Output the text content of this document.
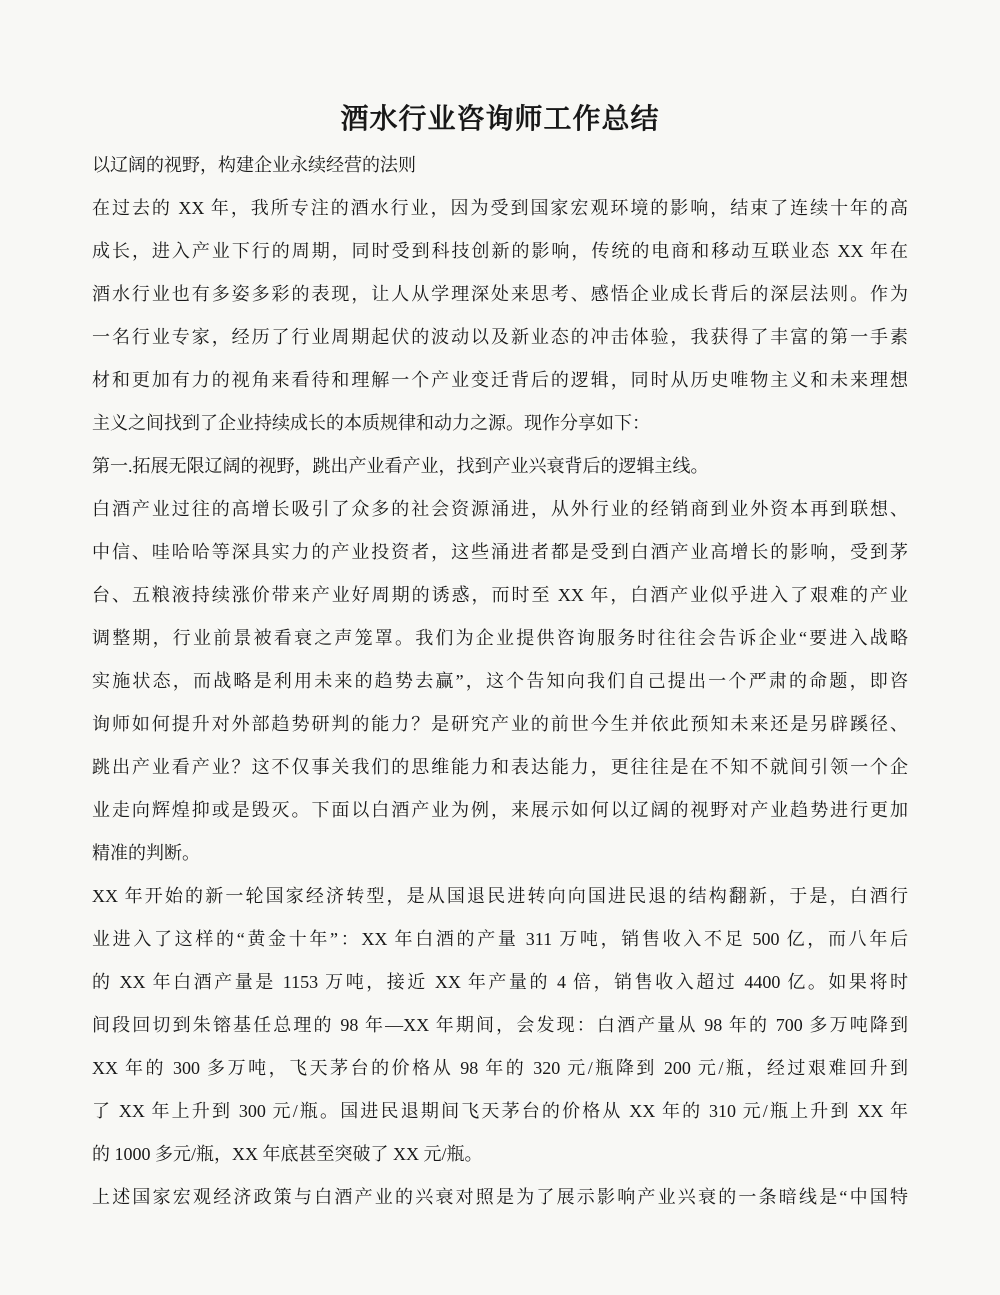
酒水行业咨询师工作总结

以辽阔的视野，构建企业永续经营的法则

在过去的 XX 年，我所专注的酒水行业，因为受到国家宏观环境的影响，结束了连续十年的高
成长，进入产业下行的周期，同时受到科技创新的影响，传统的电商和移动互联业态 XX 年在
酒水行业也有多姿多彩的表现，让人从学理深处来思考、感悟企业成长背后的深层法则。作为
一名行业专家，经历了行业周期起伏的波动以及新业态的冲击体验，我获得了丰富的第一手素
材和更加有力的视角来看待和理解一个产业变迁背后的逻辑，同时从历史唯物主义和未来理想
主义之间找到了企业持续成长的本质规律和动力之源。现作分享如下：
第一.拓展无限辽阔的视野，跳出产业看产业，找到产业兴衰背后的逻辑主线。
白酒产业过往的高增长吸引了众多的社会资源涌进，从外行业的经销商到业外资本再到联想、
中信、哇哈哈等深具实力的产业投资者，这些涌进者都是受到白酒产业高增长的影响，受到茅
台、五粮液持续涨价带来产业好周期的诱惑，而时至 XX 年，白酒产业似乎进入了艰难的产业
调整期，行业前景被看衰之声笼罩。我们为企业提供咨询服务时往往会告诉企业“要进入战略
实施状态，而战略是利用未来的趋势去赢”，这个告知向我们自己提出一个严肃的命题，即咨
询师如何提升对外部趋势研判的能力？是研究产业的前世今生并依此预知未来还是另辟蹊径、
跳出产业看产业？这不仅事关我们的思维能力和表达能力，更往往是在不知不就间引领一个企
业走向辉煌抑或是毁灭。下面以白酒产业为例，来展示如何以辽阔的视野对产业趋势进行更加
精准的判断。
XX 年开始的新一轮国家经济转型，是从国退民进转向向国进民退的结构翻新，于是，白酒行
业进入了这样的“黄金十年”：XX 年白酒的产量 311 万吨，销售收入不足 500 亿，而八年后
的 XX 年白酒产量是 1153 万吨，接近 XX 年产量的 4 倍，销售收入超过 4400 亿。如果将时
间段回切到朱镕基任总理的 98 年—XX 年期间，会发现：白酒产量从 98 年的 700 多万吨降到
XX 年的 300 多万吨，飞天茅台的价格从 98 年的 320 元/瓶降到 200 元/瓶，经过艰难回升到
了 XX 年上升到 300 元/瓶。国进民退期间飞天茅台的价格从 XX 年的 310 元/瓶上升到 XX 年
的 1000 多元/瓶，XX 年底甚至突破了 XX 元/瓶。
上述国家宏观经济政策与白酒产业的兴衰对照是为了展示影响产业兴衰的一条暗线是“中国特
